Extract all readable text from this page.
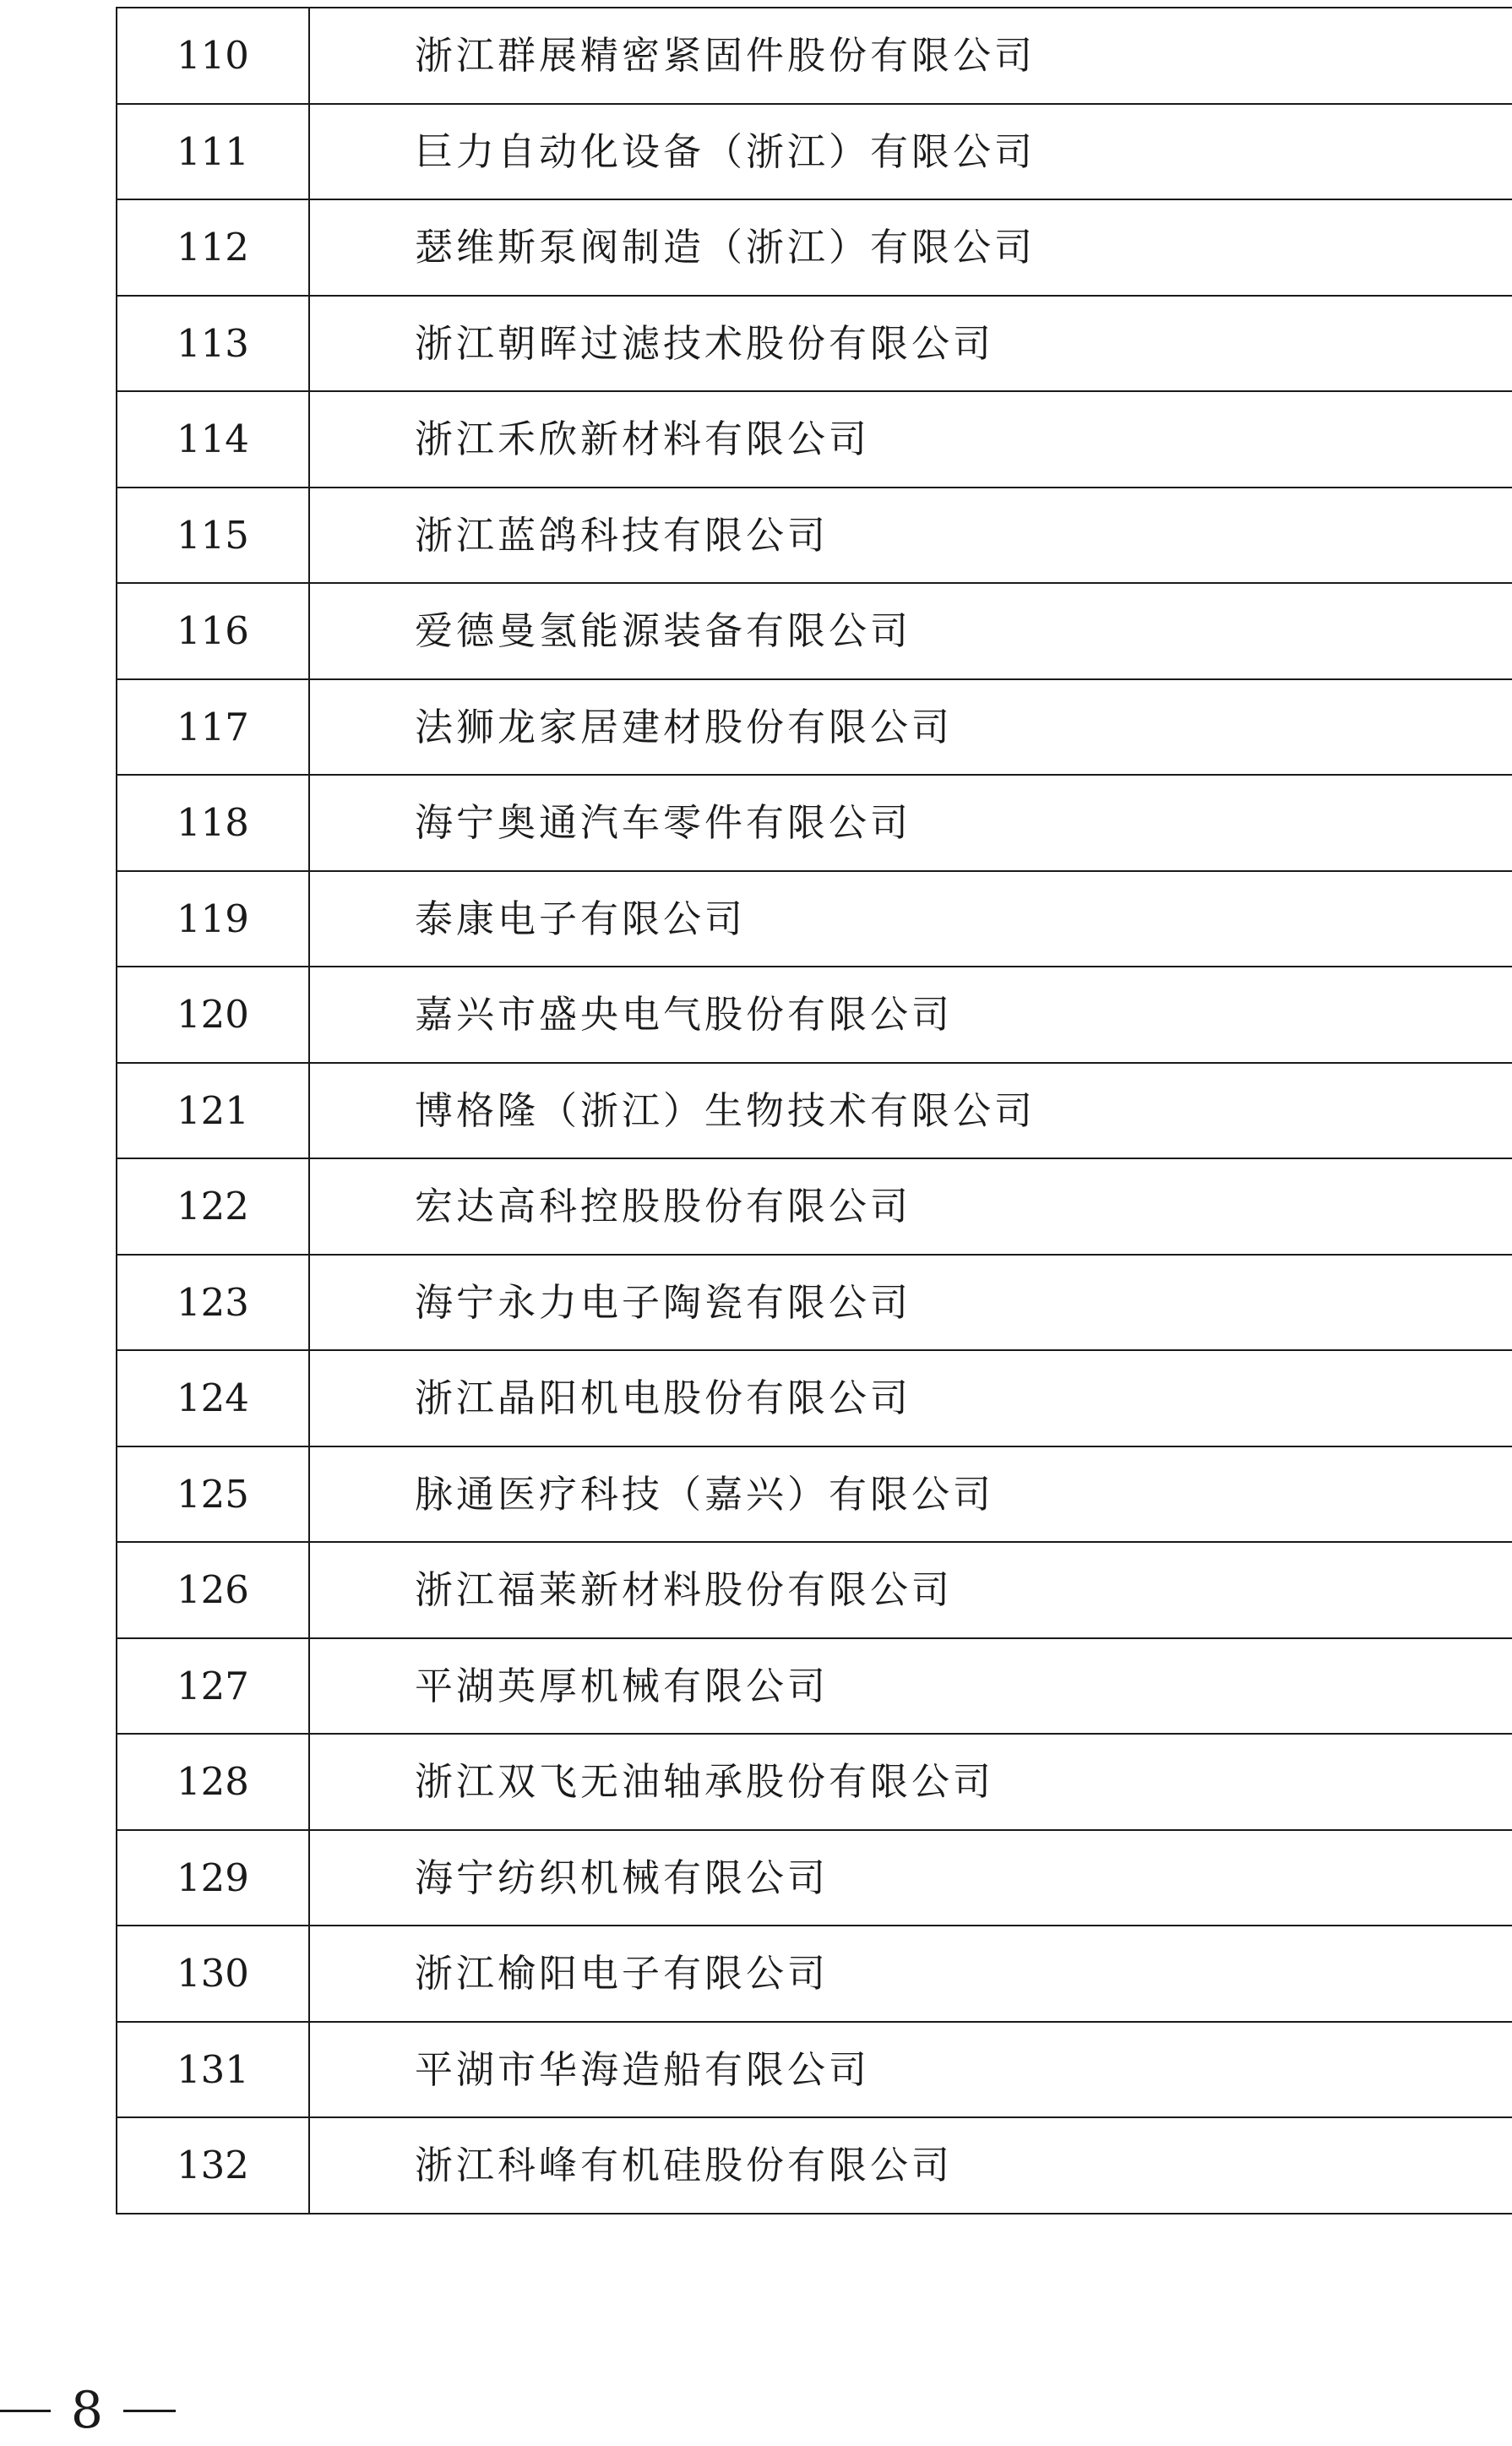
110	浙江群展精密紧固件股份有限公司
111	巨力自动化设备（浙江）有限公司
112	瑟维斯泵阀制造（浙江）有限公司
113	浙江朝晖过滤技术股份有限公司
114	浙江禾欣新材料有限公司
115	浙江蓝鸽科技有限公司
116	爱德曼氢能源装备有限公司
117	法狮龙家居建材股份有限公司
118	海宁奥通汽车零件有限公司
119	泰康电子有限公司
120	嘉兴市盛央电气股份有限公司
121	博格隆（浙江）生物技术有限公司
122	宏达高科控股股份有限公司
123	海宁永力电子陶瓷有限公司
124	浙江晶阳机电股份有限公司
125	脉通医疗科技（嘉兴）有限公司
126	浙江福莱新材料股份有限公司
127	平湖英厚机械有限公司
128	浙江双飞无油轴承股份有限公司
129	海宁纺织机械有限公司
130	浙江榆阳电子有限公司
131	平湖市华海造船有限公司
132	浙江科峰有机硅股份有限公司
8
